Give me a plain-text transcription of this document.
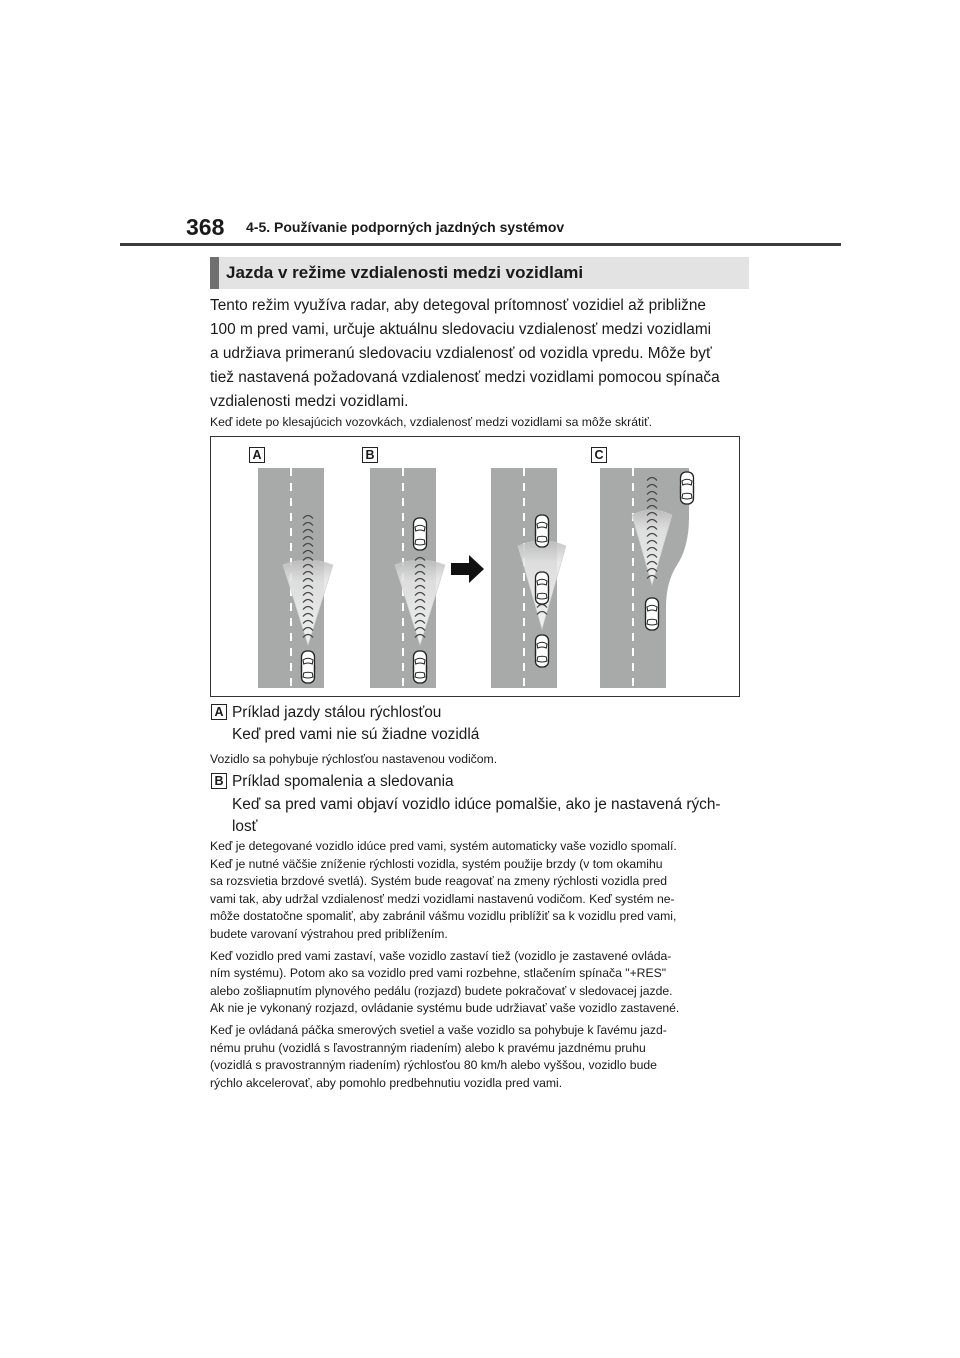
368 4-5. Používanie podporných jazdných systémov
Jazda v režime vzdialenosti medzi vozidlami

Tento režim využíva radar, aby detegoval prítomnosť vozidiel až približne
100 m pred vami, určuje aktuálnu sledovaciu vzdialenosť medzi vozidlami
a udržiava primeranú sledovaciu vzdialenosť od vozidla vpredu. Môže byť
tiež nastavená požadovaná vzdialenosť medzi vozidlami pomocou spínača
vzdialenosti medzi vozidlami.

Keď idete po klesajúcich vozovkách, vzdialenosť medzi vozidlami sa môže skrátiť.

A	B	C
A Príklad jazdy stálou rýchlosťou

Keď pred vami nie sú žiadne vozidlá

Vozidlo sa pohybuje rýchlosťou nastavenou vodičom.

B Príklad spomalenia a sledovania

Keď sa pred vami objaví vozidlo idúce pomalšie, ako je nastavená rých-

losť

Keď je detegované vozidlo idúce pred vami, systém automaticky vaše vozidlo spomalí.
Keď je nutné väčšie zníženie rýchlosti vozidla, systém použije brzdy (v tom okamihu
sa rozsvietia brzdové svetlá). Systém bude reagovať na zmeny rýchlosti vozidla pred
vami tak, aby udržal vzdialenosť medzi vozidlami nastavenú vodičom. Keď systém ne-
môže dostatočne spomaliť, aby zabránil vášmu vozidlu priblížiť sa k vozidlu pred vami,
budete varovaní výstrahou pred priblížením.

Keď vozidlo pred vami zastaví, vaše vozidlo zastaví tiež (vozidlo je zastavené ovláda-
ním systému). Potom ako sa vozidlo pred vami rozbehne, stlačením spínača "+RES"
alebo zošliapnutím plynového pedálu (rozjazd) budete pokračovať v sledovacej jazde.
Ak nie je vykonaný rozjazd, ovládanie systému bude udržiavať vaše vozidlo zastavené.

Keď je ovládaná páčka smerových svetiel a vaše vozidlo sa pohybuje k ľavému jazd-
nému pruhu (vozidlá s ľavostranným riadením) alebo k pravému jazdnému pruhu
(vozidlá s pravostranným riadením) rýchlosťou 80 km/h alebo vyššou, vozidlo bude
rýchlo akcelerovať, aby pomohlo predbehnutiu vozidla pred vami.
